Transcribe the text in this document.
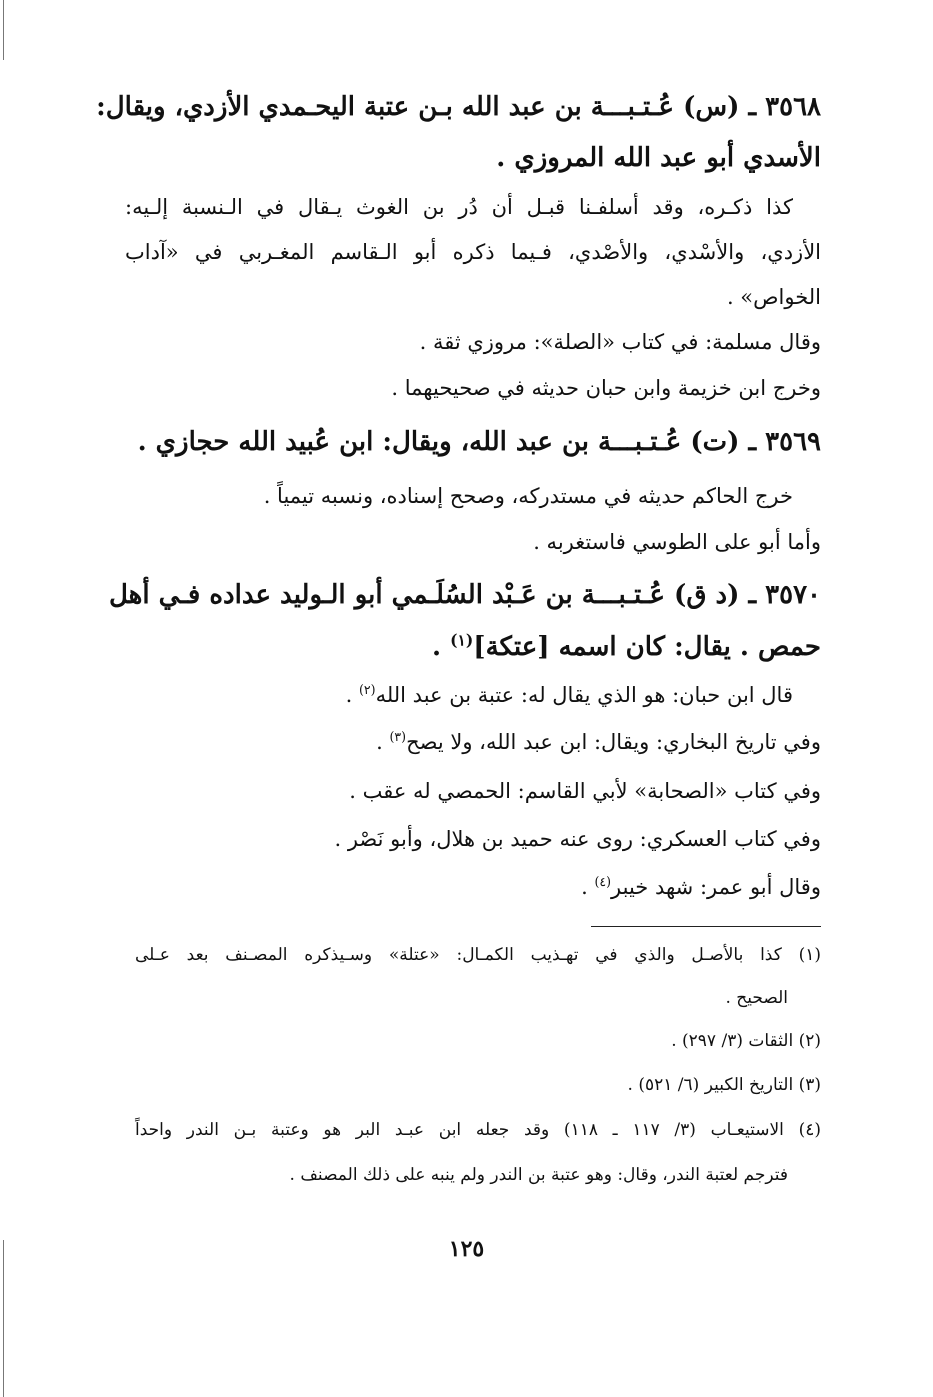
٣٥٦٨ ـ (س) عُـتـبـــة بن عبد الله بـن عتبة اليحـمدي الأزدي، ويقال:
الأسدي أبو عبد الله المروزي .
كذا ذكـره، وقد أسلفـنا قبـل أن دُر بن الغوث يـقال في الـنسبة إلـيه:
الأزدي، والأسْدي، والأصْدي، فـيما ذكره أبو الـقاسم المغـربي في «آداب
الخواص» .
وقال مسلمة: في كتاب «الصلة»: مروزي ثقة .
وخرج ابن خزيمة وابن حبان حديثه في صحيحيهما .
٣٥٦٩ ـ (ت) عُـتـبـــة بن عبد الله، ويقال: ابن عُبيد الله حجازي .
خرج الحاكم حديثه في مستدركه، وصحح إسناده، ونسبه تيمياً .
وأما أبو على الطوسي فاستغربه .
٣٥٧٠ ـ (د ق) عُـتـبـــة بن عَـبْد السُلَـمي أبو الـوليد عداده فـي أهل
حمص . يقال: كان اسمه [عتكة]$^{(١)}$ .
قال ابن حبان: هو الذي يقال له: عتبة بن عبد الله$^{(٢)}$ .
وفي تاريخ البخاري: ويقال: ابن عبد الله، ولا يصح$^{(٣)}$ .
وفي كتاب «الصحابة» لأبي القاسم: الحمصي له عقب .
وفي كتاب العسكري: روى عنه حميد بن هلال، وأبو نَصْر .
وقال أبو عمر: شهد خيبر$^{(٤)}$ .
(١) كذا بالأصـل والذي في تهـذيب الكمـال: «عتلة» وسـيذكره المصـنف بعد عـلى
الصحيح .
(٢) الثقات (٣/ ٢٩٧) .
(٣) التاريخ الكبير (٦/ ٥٢١) .
(٤) الاستيعـاب (٣/ ١١٧ ـ ١١٨) وقد جعله ابن عبـد البر هو وعتبة بـن الندر واحداً
فترجم لعتبة الندر، وقال: وهو عتبة بن الندر ولم ينبه على ذلك المصنف .
١٢٥
